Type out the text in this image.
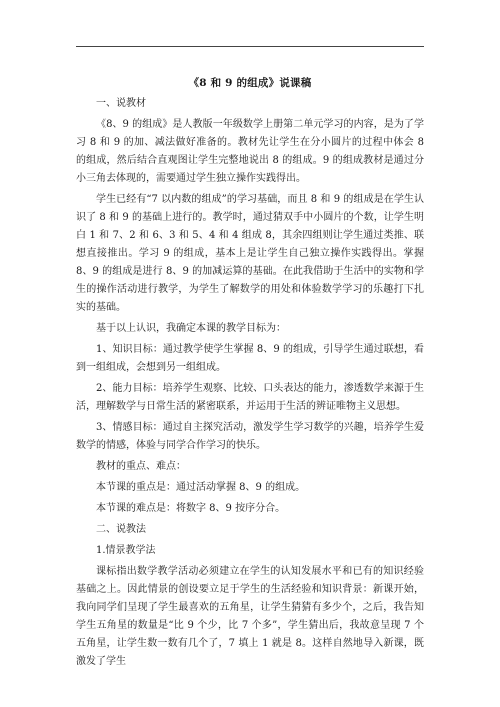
《8 和 9 的组成》说课稿

一、说教材

《8、9 的组成》是人教版一年级数学上册第二单元学习的内容，是为了学习 8 和 9 的加、减法做好准备的。教材先让学生在分小圆片的过程中体会 8 的组成，然后结合直观图让学生完整地说出 8 的组成。9 的组成教材是通过分小三角去体现的，需要通过学生独立操作实践得出。

学生已经有“7 以内数的组成”的学习基础，而且 8 和 9 的组成是在学生认识了 8 和 9 的基础上进行的。教学时，通过猜双手中小圆片的个数，让学生明白 1 和 7、2 和 6、3 和 5、4 和 4 组成 8，其余四组则让学生通过类推、联想直接推出。学习 9 的组成，基本上是让学生自己独立操作实践得出。掌握 8、9 的组成是进行 8、9 的加减运算的基础。在此我借助于生活中的实物和学生的操作活动进行教学，为学生了解数学的用处和体验数学学习的乐趣打下扎实的基础。

基于以上认识，我确定本课的教学目标为：

1、知识目标：通过教学使学生掌握 8、9 的组成，引导学生通过联想，看到一组组成，会想到另一组组成。

2、能力目标：培养学生观察、比较、口头表达的能力，渗透数学来源于生活，理解数学与日常生活的紧密联系，并运用于生活的辨证唯物主义思想。

3、情感目标：通过自主探究活动，激发学生学习数学的兴趣，培养学生爱数学的情感，体验与同学合作学习的快乐。

教材的重点、难点：

本节课的重点是：通过活动掌握 8、9 的组成。

本节课的难点是：将数字 8、9 按序分合。

二、说教法

1.情景教学法

课标指出数学教学活动必须建立在学生的认知发展水平和已有的知识经验基础之上。因此情景的创设要立足于学生的生活经验和知识背景：新课开始，我向同学们呈现了学生最喜欢的五角星，让学生猜猜有多少个，之后，我告知学生五角星的数量是“比 9 个少，比 7 个多”，学生猜出后，我故意呈现 7 个五角星，让学生数一数有几个了，7 填上 1 就是 8。这样自然地导入新课，既激发了学生
